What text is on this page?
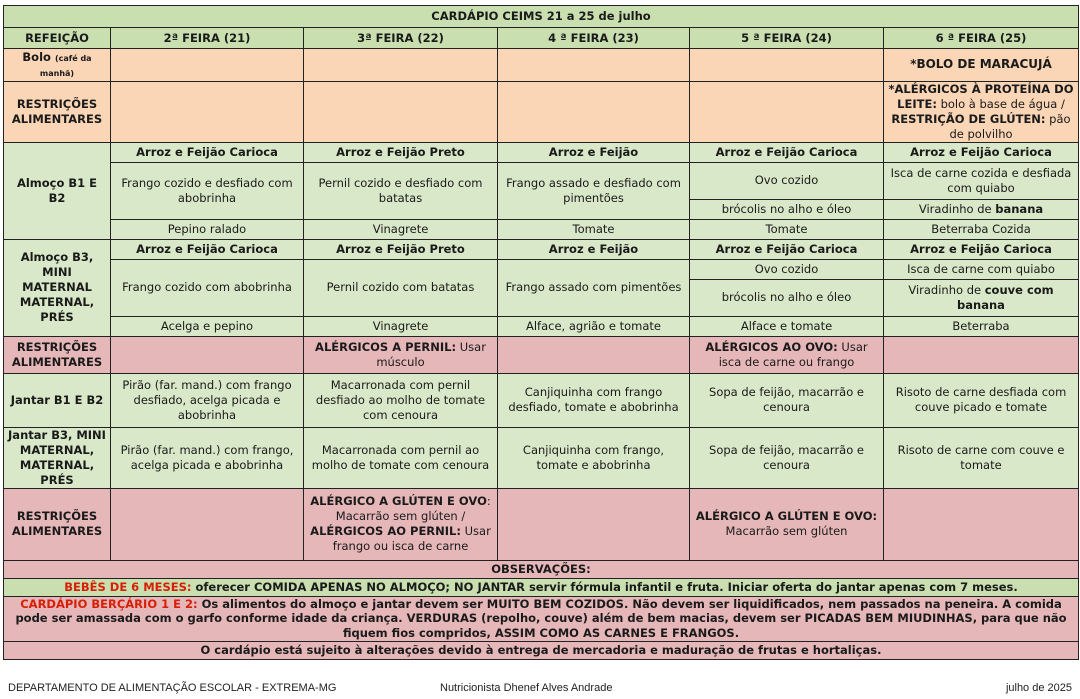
CARDÁPIO CEIMS 21 a 25 de julho					
REFEIÇÃO	2ª FEIRA (21)	3ª FEIRA (22)	4 ª FEIRA (23)	5 ª FEIRA (24)	6 ª FEIRA (25)
Bolo (café da manhã)					*BOLO DE MARACUJÁ
RESTRIÇÕES ALIMENTARES					*ALÉRGICOS À PROTEÍNA DO LEITE: bolo à base de água / RESTRIÇÃO DE GLÚTEN: pão de polvilho
Almoço B1 E B2	Arroz e Feijão Carioca	Arroz e Feijão Preto	Arroz e Feijão	Arroz e Feijão Carioca	Arroz e Feijão Carioca
	Frango cozido e desfiado com abobrinha	Pernil cozido e desfiado com batatas	Frango assado e desfiado com pimentões	Ovo cozido	Isca de carne cozida e desfiada com quiabo
				brócolis no alho e óleo	Viradinho de banana
	Pepino ralado	Vinagrete	Tomate	Tomate	Beterraba Cozida
Almoço B3, MINI MATERNAL MATERNAL, PRÉS	Arroz e Feijão Carioca	Arroz e Feijão Preto	Arroz e Feijão	Arroz e Feijão Carioca	Arroz e Feijão Carioca
	Frango cozido com abobrinha	Pernil cozido com batatas	Frango assado com pimentões	Ovo cozido	Isca de carne com quiabo
				brócolis no alho e óleo	Viradinho de couve com banana
	Acelga e pepino	Vinagrete	Alface, agrião e tomate	Alface e tomate	Beterraba
RESTRIÇÕES ALIMENTARES		ALÉRGICOS A PERNIL: Usar músculo		ALÉRGICOS AO OVO: Usar isca de carne ou frango	
Jantar B1 E B2	Pirão (far. mand.) com frango desfiado, acelga picada e abobrinha	Macarronada com pernil desfiado ao molho de tomate com cenoura	Canjiquinha com frango desfiado, tomate e abobrinha	Sopa de feijão, macarrão e cenoura	Risoto de carne desfiada com couve picado e tomate
Jantar B3, MINI MATERNAL, MATERNAL, PRÉS	Pirão (far. mand.) com frango, acelga picada e abobrinha	Macarronada com pernil ao molho de tomate com cenoura	Canjiquinha com frango, tomate e abobrinha	Sopa de feijão, macarrão e cenoura	Risoto de carne com couve e tomate
RESTRIÇÕES ALIMENTARES		ALÉRGICO A GLÚTEN E OVO: Macarrão sem glúten / ALÉRGICOS AO PERNIL: Usar frango ou isca de carne		ALÉRGICO A GLÚTEN E OVO: Macarrão sem glúten	
OBSERVAÇÕES:					
BEBÊS DE 6 MESES: oferecer COMIDA APENAS NO ALMOÇO; NO JANTAR servir fórmula infantil e fruta. Iniciar oferta do jantar apenas com 7 meses.					
CARDÁPIO BERÇÁRIO 1 E 2: Os alimentos do almoço e jantar devem ser MUITO BEM COZIDOS. Não devem ser liquidificados, nem passados na peneira. A comida pode ser amassada com o garfo conforme idade da criança. VERDURAS (repolho, couve) além de bem macias, devem ser PICADAS BEM MIUDINHAS, para que não fiquem fios compridos, ASSIM COMO AS CARNES E FRANGOS.					
O cardápio está sujeito à alterações devido à entrega de mercadoria e maduração de frutas e hortaliças.					
DEPARTAMENTO DE ALIMENTAÇÃO ESCOLAR - EXTREMA-MG	Nutricionista Dhenef Alves Andrade	julho de 2025
